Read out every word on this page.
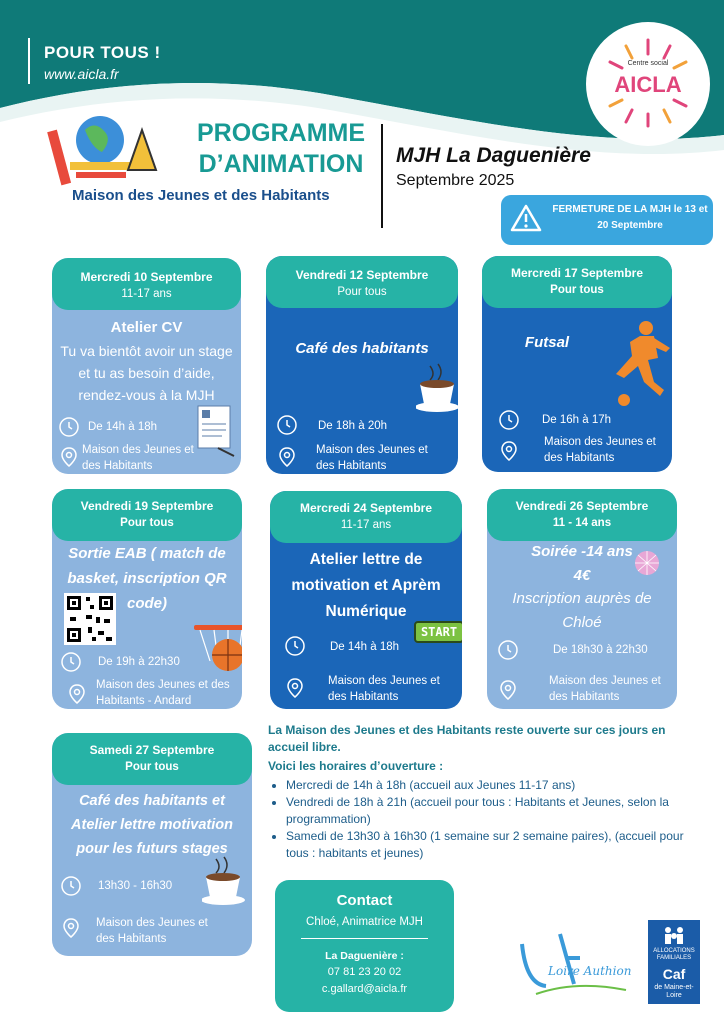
POUR TOUS !
www.aicla.fr
Centre social
AICLA
PROGRAMME
D’ANIMATION
Maison des Jeunes et des Habitants
MJH La Daguenière
Septembre 2025
FERMETURE DE LA MJH le 13 et 20 Septembre
Mercredi 10 Septembre
11-17 ans
Atelier CV
Tu va bientôt avoir un stage et tu as besoin d’aide, rendez-vous à la MJH
De 14h à 18h
Maison des Jeunes et des Habitants
Vendredi 12 Septembre
Pour tous
Café des habitants
De 18h à 20h
Maison des Jeunes et des Habitants
Mercredi 17 Septembre
Pour tous
Futsal
De 16h à 17h
Maison des Jeunes et des Habitants
Vendredi 19 Septembre
Pour tous
Sortie EAB ( match de basket, inscription QR code)
De 19h à 22h30
Maison des Jeunes et des Habitants - Andard
Mercredi 24 Septembre
11-17 ans
Atelier lettre de motivation et Aprèm Numérique
START
De 14h à 18h
Maison des Jeunes et des Habitants
Vendredi 26 Septembre
11 - 14 ans
Soirée -14 ans
4€
Inscription auprès de Chloé
De 18h30 à 22h30
Maison des Jeunes et des Habitants
Samedi 27 Septembre
Pour tous
Café des habitants et Atelier lettre motivation pour les futurs stages
13h30 - 16h30
Maison des Jeunes et des Habitants
La Maison des Jeunes et des Habitants reste ouverte sur ces jours en accueil libre.
Voici les horaires d’ouverture :
• Mercredi de 14h à 18h (accueil aux Jeunes 11-17 ans)
• Vendredi de 18h à 21h (accueil pour tous : Habitants et Jeunes, selon la programmation)
• Samedi de 13h30 à 16h30 (1 semaine sur 2 semaine paires), (accueil pour tous : habitants et jeunes)
Contact
Chloé, Animatrice MJH
La Daguenière :
07 81 23 20 02
c.gallard@aicla.fr
Loire Authion
ALLOCATIONS FAMILIALES
Caf
de Maine-et-Loire
